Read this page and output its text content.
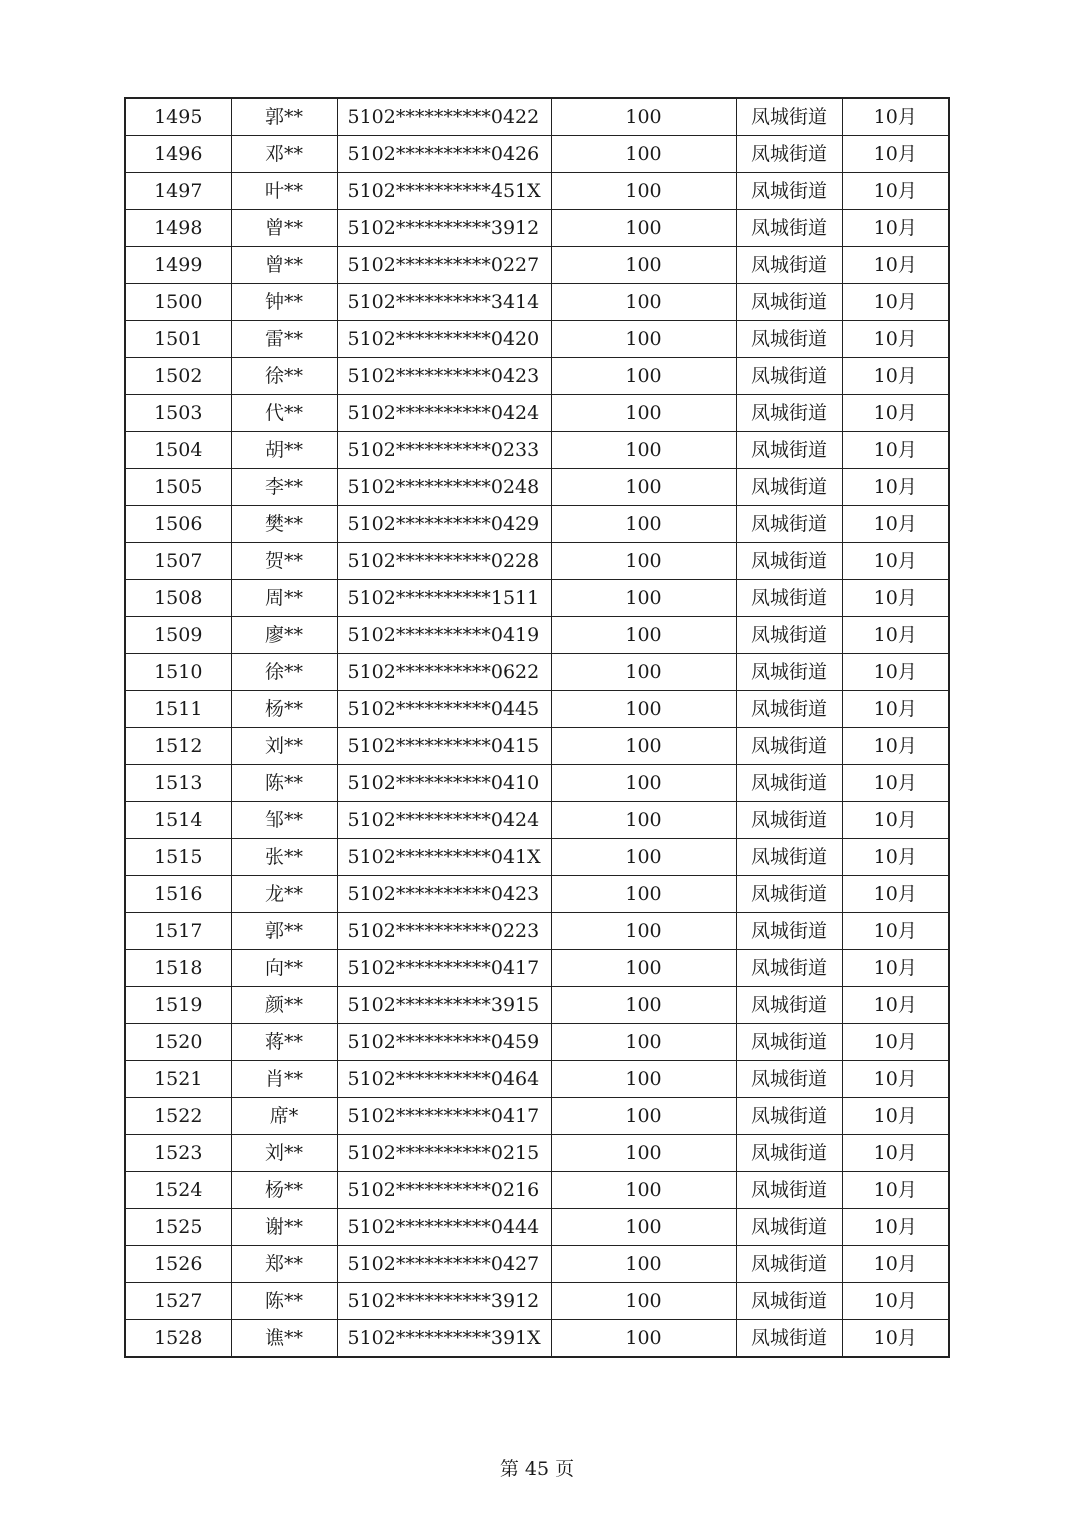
1495	郭**	5102**********0422	100	凤城街道	10月
1496	邓**	5102**********0426	100	凤城街道	10月
1497	叶**	5102**********451X	100	凤城街道	10月
1498	曾**	5102**********3912	100	凤城街道	10月
1499	曾**	5102**********0227	100	凤城街道	10月
1500	钟**	5102**********3414	100	凤城街道	10月
1501	雷**	5102**********0420	100	凤城街道	10月
1502	徐**	5102**********0423	100	凤城街道	10月
1503	代**	5102**********0424	100	凤城街道	10月
1504	胡**	5102**********0233	100	凤城街道	10月
1505	李**	5102**********0248	100	凤城街道	10月
1506	樊**	5102**********0429	100	凤城街道	10月
1507	贺**	5102**********0228	100	凤城街道	10月
1508	周**	5102**********1511	100	凤城街道	10月
1509	廖**	5102**********0419	100	凤城街道	10月
1510	徐**	5102**********0622	100	凤城街道	10月
1511	杨**	5102**********0445	100	凤城街道	10月
1512	刘**	5102**********0415	100	凤城街道	10月
1513	陈**	5102**********0410	100	凤城街道	10月
1514	邹**	5102**********0424	100	凤城街道	10月
1515	张**	5102**********041X	100	凤城街道	10月
1516	龙**	5102**********0423	100	凤城街道	10月
1517	郭**	5102**********0223	100	凤城街道	10月
1518	向**	5102**********0417	100	凤城街道	10月
1519	颜**	5102**********3915	100	凤城街道	10月
1520	蒋**	5102**********0459	100	凤城街道	10月
1521	肖**	5102**********0464	100	凤城街道	10月
1522	席*	5102**********0417	100	凤城街道	10月
1523	刘**	5102**********0215	100	凤城街道	10月
1524	杨**	5102**********0216	100	凤城街道	10月
1525	谢**	5102**********0444	100	凤城街道	10月
1526	郑**	5102**********0427	100	凤城街道	10月
1527	陈**	5102**********3912	100	凤城街道	10月
1528	谯**	5102**********391X	100	凤城街道	10月
第 45 页
